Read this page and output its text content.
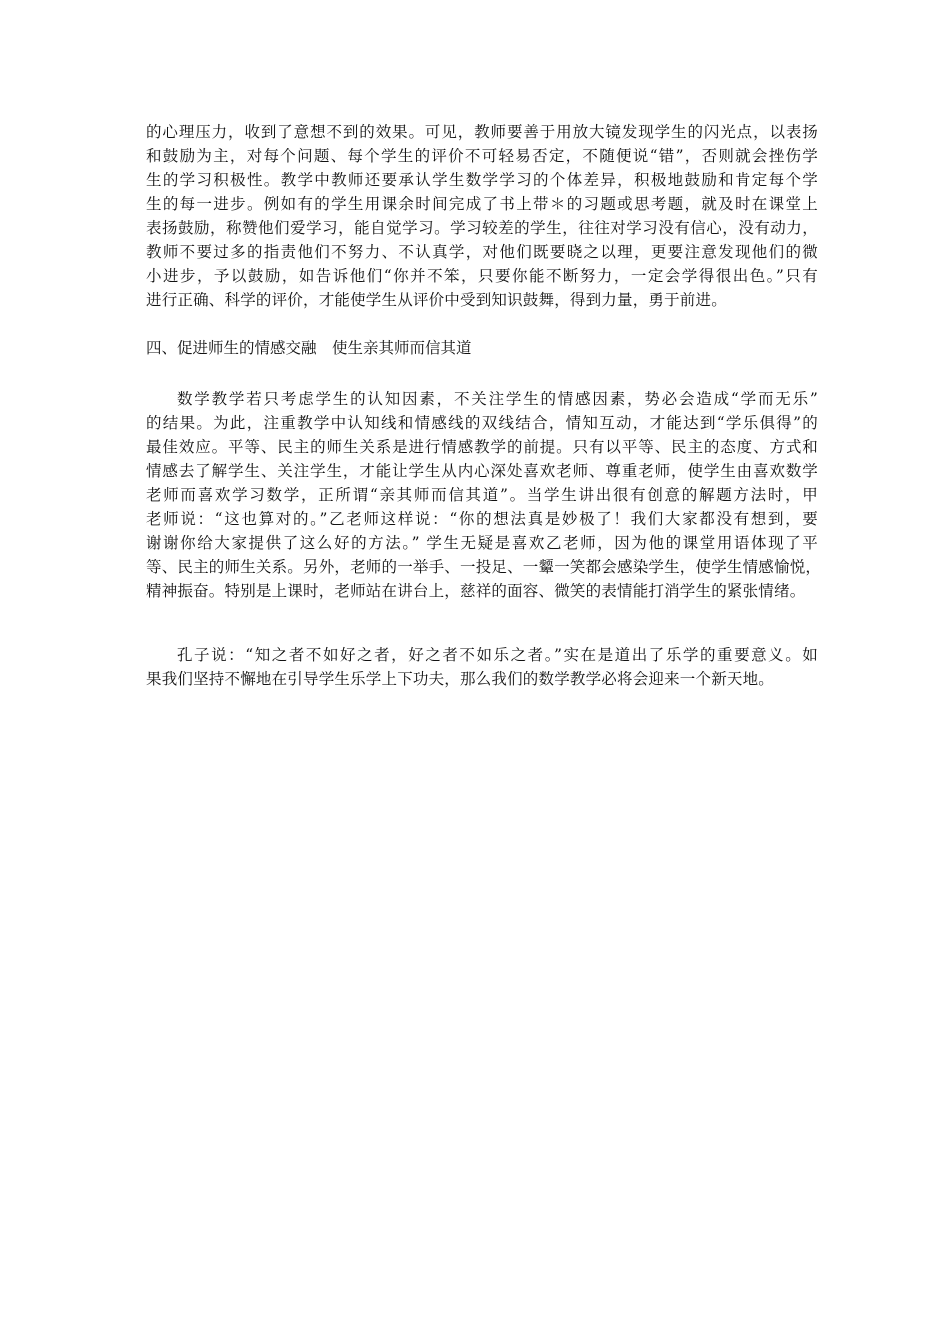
的心理压力，收到了意想不到的效果。可见，教师要善于用放大镜发现学生的闪光点，以表扬
和鼓励为主，对每个问题、每个学生的评价不可轻易否定，不随便说“错”，否则就会挫伤学
生的学习积极性。教学中教师还要承认学生数学学习的个体差异，积极地鼓励和肯定每个学
生的每一进步。例如有的学生用课余时间完成了书上带＊的习题或思考题，就及时在课堂上
表扬鼓励，称赞他们爱学习，能自觉学习。学习较差的学生，往往对学习没有信心，没有动力，
教师不要过多的指责他们不努力、不认真学，对他们既要晓之以理，更要注意发现他们的微
小进步，予以鼓励，如告诉他们“你并不笨，只要你能不断努力，一定会学得很出色。”只有
进行正确、科学的评价，才能使学生从评价中受到知识鼓舞，得到力量，勇于前进。
四、促进师生的情感交融　使生亲其师而信其道
数学教学若只考虑学生的认知因素，不关注学生的情感因素，势必会造成“学而无乐”
的结果。为此，注重教学中认知线和情感线的双线结合，情知互动，才能达到“学乐俱得”的
最佳效应。平等、民主的师生关系是进行情感教学的前提。只有以平等、民主的态度、方式和
情感去了解学生、关注学生，才能让学生从内心深处喜欢老师、尊重老师，使学生由喜欢数学
老师而喜欢学习数学，正所谓“亲其师而信其道”。当学生讲出很有创意的解题方法时，甲
老师说：“这也算对的。”乙老师这样说：“你的想法真是妙极了！我们大家都没有想到，要
谢谢你给大家提供了这么好的方法。” 学生无疑是喜欢乙老师，因为他的课堂用语体现了平
等、民主的师生关系。另外，老师的一举手、一投足、一颦一笑都会感染学生，使学生情感愉悦，
精神振奋。特别是上课时，老师站在讲台上，慈祥的面容、微笑的表情能打消学生的紧张情绪。
孔子说：“知之者不如好之者，好之者不如乐之者。”实在是道出了乐学的重要意义。如
果我们坚持不懈地在引导学生乐学上下功夫，那么我们的数学教学必将会迎来一个新天地。
